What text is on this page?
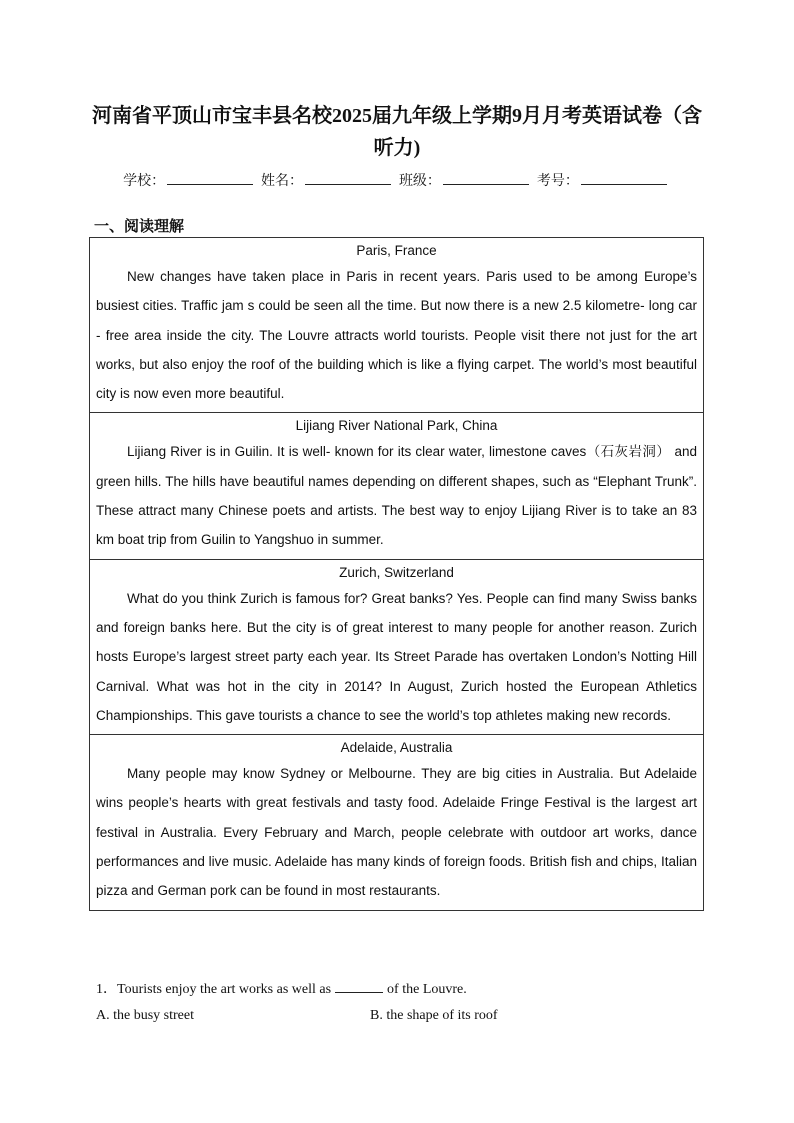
河南省平顶山市宝丰县名校2025届九年级上学期9月月考英语试卷（含听力)
学校：	姓名：	班级：	考号：
一、阅读理解
Paris, France
New changes have taken place in Paris in recent years. Paris used to be among Europe’s busiest cities. Traffic jam s could be seen all the time. But now there is a new 2.5 kilometre- long car - free area inside the city. The Louvre attracts world tourists. People visit there not just for the art works, but also enjoy the roof of the building which is like a flying carpet. The world’s most beautiful city is now even more beautiful.
Lijiang River National Park, China
Lijiang River is in Guilin. It is well- known for its clear water, limestone caves（石灰岩洞） and green hills. The hills have beautiful names depending on different shapes, such as “Elephant Trunk”. These attract many Chinese poets and artists. The best way to enjoy Lijiang River is to take an 83 km boat trip from Guilin to Yangshuo in summer.
Zurich, Switzerland
What do you think Zurich is famous for? Great banks? Yes. People can find many Swiss banks and foreign banks here. But the city is of great interest to many people for another reason. Zurich hosts Europe’s largest street party each year. Its Street Parade has overtaken London’s Notting Hill Carnival. What was hot in the city in 2014? In August, Zurich hosted the European Athletics Championships. This gave tourists a chance to see the world’s top athletes making new records.
Adelaide, Australia
Many people may know Sydney or Melbourne. They are big cities in Australia. But Adelaide wins people’s hearts with great festivals and tasty food. Adelaide Fringe Festival is the largest art festival in Australia. Every February and March, people celebrate with outdoor art works, dance performances and live music. Adelaide has many kinds of foreign foods. British fish and chips, Italian pizza and German pork can be found in most restaurants.
1．Tourists enjoy the art works as well as	of the Louvre.
A. the busy street	B. the shape of its roof
